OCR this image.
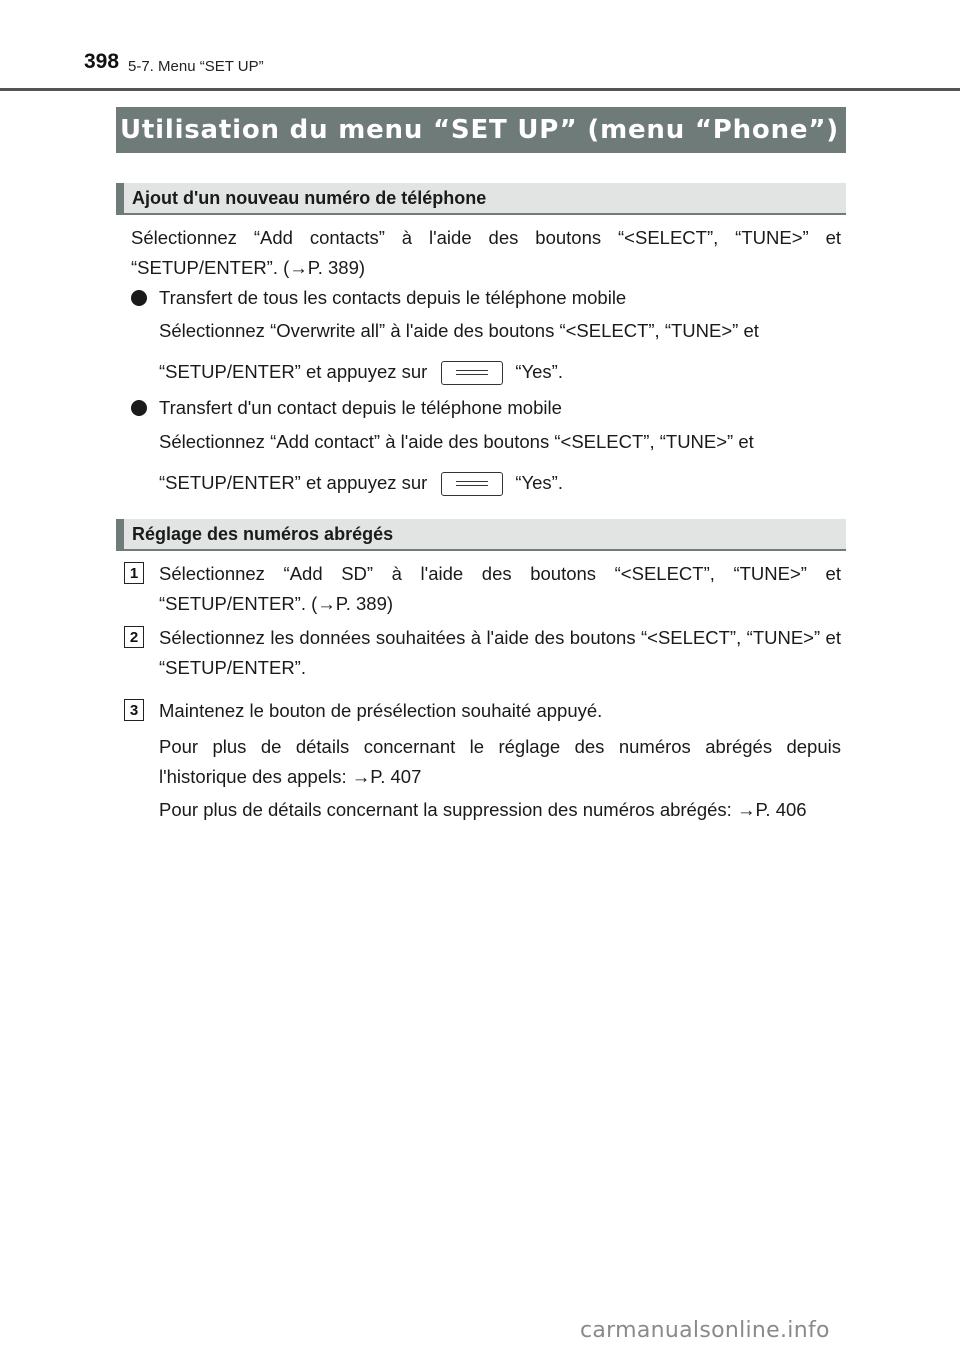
398 5-7. Menu “SET UP”
Utilisation du menu “SET UP” (menu “Phone”)
Ajout d'un nouveau numéro de téléphone

Sélectionnez “Add contacts” à l'aide des boutons “<SELECT”, “TUNE>” et “SETUP/ENTER”. (→P. 389)

Transfert de tous les contacts depuis le téléphone mobile

Sélectionnez “Overwrite all” à l'aide des boutons “<SELECT”, “TUNE>” et

“SETUP/ENTER” et appuyez sur	“Yes”.

Transfert d'un contact depuis le téléphone mobile

Sélectionnez “Add contact” à l'aide des boutons “<SELECT”, “TUNE>” et

“SETUP/ENTER” et appuyez sur	“Yes”.
Réglage des numéros abrégés
1	Sélectionnez “Add SD” à l'aide des boutons “<SELECT”, “TUNE>” et “SETUP/ENTER”. (→P. 389)

2	Sélectionnez les données souhaitées à l'aide des boutons “<SELECT”, “TUNE>” et “SETUP/ENTER”.

3	Maintenez le bouton de présélection souhaité appuyé.

Pour plus de détails concernant le réglage des numéros abrégés depuis l'historique des appels: →P. 407

Pour plus de détails concernant la suppression des numéros abrégés: →P. 406

carmanualsonline.info
